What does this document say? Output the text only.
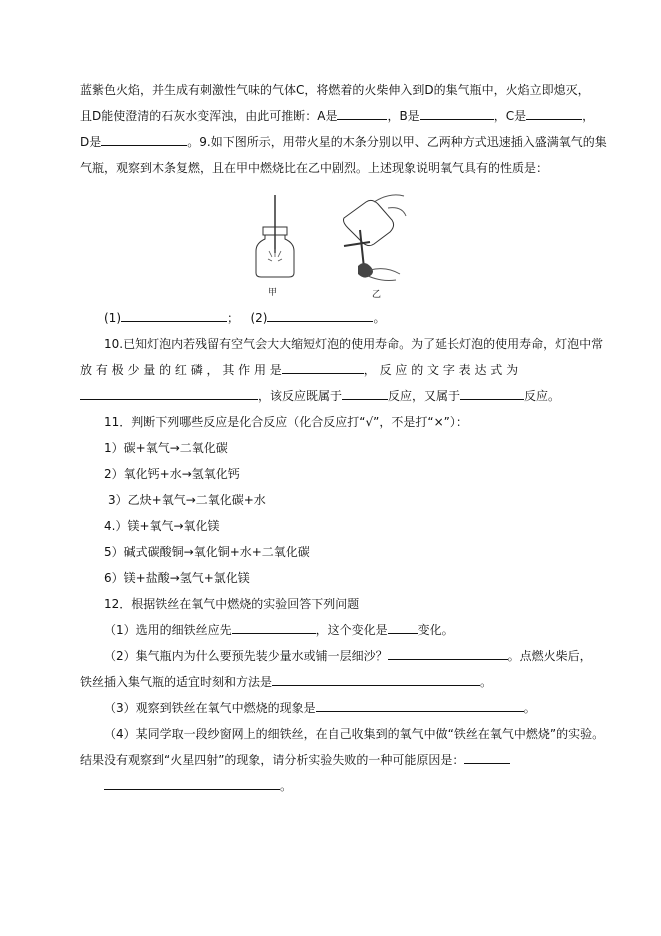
蓝紫色火焰，并生成有刺激性气味的气体C，将燃着的火柴伸入到D的集气瓶中，火焰立即熄灭，
且D能使澄清的石灰水变浑浊，由此可推断：A是	，B是	，C是	，
D是	。9.如下图所示，用带火星的木条分别以甲、乙两种方式迅速插入盛满氧气的集
气瓶，观察到木条复燃，且在甲中燃烧比在乙中剧烈。上述现象说明氧气具有的性质是：
甲	乙
(1)	； (2)	。
10.已知灯泡内若残留有空气会大大缩短灯泡的使用寿命。为了延长灯泡的使用寿命，灯泡中常
放 有 极 少 量 的 红 磷 ， 其 作 用 是	， 反 应 的 文 字 表 达 式 为
，该反应既属于	反应，又属于	反应。
11．判断下列哪些反应是化合反应（化合反应打“√”，不是打“×”）：
1）碳+氧气→二氧化碳
2）氧化钙+水→氢氧化钙
3）乙炔+氧气→二氧化碳+水
4.）镁+氧气→氧化镁
5）碱式碳酸铜→氧化铜+水+二氧化碳
6）镁+盐酸→氢气+氯化镁
12．根据铁丝在氧气中燃烧的实验回答下列问题
（1）选用的细铁丝应先	，这个变化是	变化。
（2）集气瓶内为什么要预先装少量水或铺一层细沙？	。点燃火柴后，
铁丝插入集气瓶的适宜时刻和方法是	。
（3）观察到铁丝在氧气中燃烧的现象是	。
（4）某同学取一段纱窗网上的细铁丝，在自己收集到的氧气中做“铁丝在氧气中燃烧”的实验。
结果没有观察到“火星四射”的现象，请分析实验失败的一种可能原因是：
。
